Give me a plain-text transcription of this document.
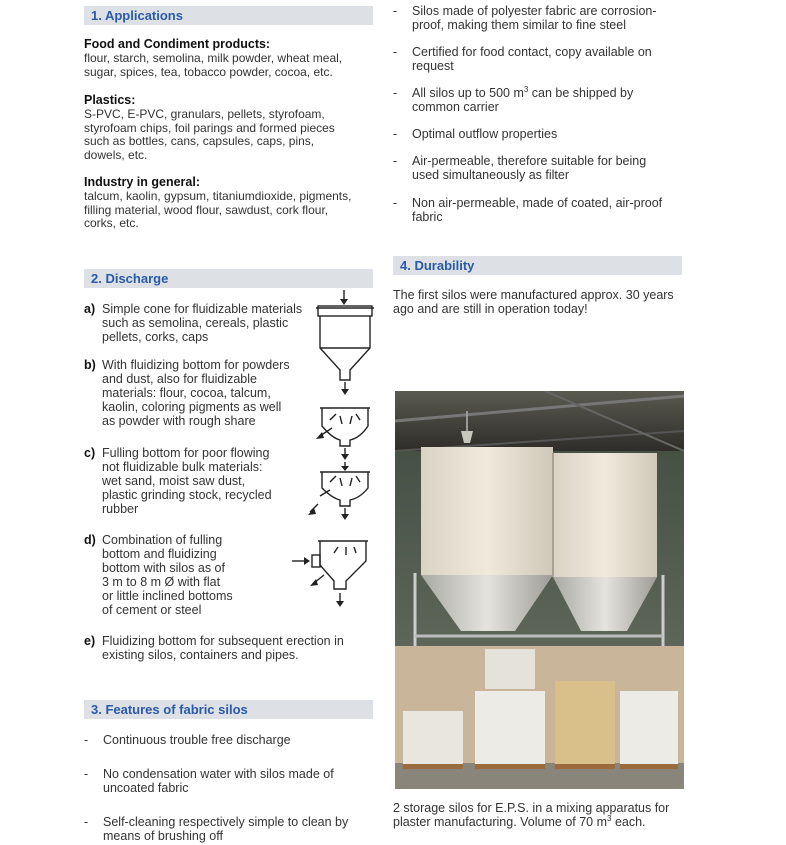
1. Applications
Food and Condiment products:
flour, starch, semolina, milk powder, wheat meal,
sugar, spices, tea, tobacco powder, cocoa, etc.
Plastics:
S-PVC, E-PVC, granulars, pellets, styrofoam,
styrofoam chips, foil parings and formed pieces
such as bottles, cans, capsules, caps, pins,
dowels, etc.
Industry in general:
talcum, kaolin, gypsum, titaniumdioxide, pigments,
filling material, wood flour, sawdust, cork flour,
corks, etc.
2. Discharge
a) Simple cone for fluidizable materials
such as semolina, cereals, plastic
pellets, corks, caps
b) With fluidizing bottom for powders
and dust, also for fluidizable
materials: flour, cocoa, talcum,
kaolin, coloring pigments as well
as powder with rough share
c) Fulling bottom for poor flowing
not fluidizable bulk materials:
wet sand, moist saw dust,
plastic grinding stock, recycled
rubber
d) Combination of fulling
bottom and fluidizing
bottom with silos as of
3 m to 8 m Ø with flat
or little inclined bottoms
of cement or steel
e) Fluidizing bottom for subsequent erection in
existing silos, containers and pipes.
3. Features of fabric silos
- Continuous trouble free discharge
- No condensation water with silos made of
uncoated fabric
- Self-cleaning respectively simple to clean by
means of brushing off
- Silos made of polyester fabric are corrosion-
proof, making them similar to fine steel
- Certified for food contact, copy available on
request
- All silos up to 500 $m^3$ can be shipped by
common carrier
- Optimal outflow properties
- Air-permeable, therefore suitable for being
used simultaneously as filter
- Non air-permeable, made of coated, air-proof
fabric
4. Durability
The first silos were manufactured approx. 30 years
ago and are still in operation today!
2 storage silos for E.P.S. in a mixing apparatus for
plaster manufacturing. Volume of 70 $m^3$ each.
